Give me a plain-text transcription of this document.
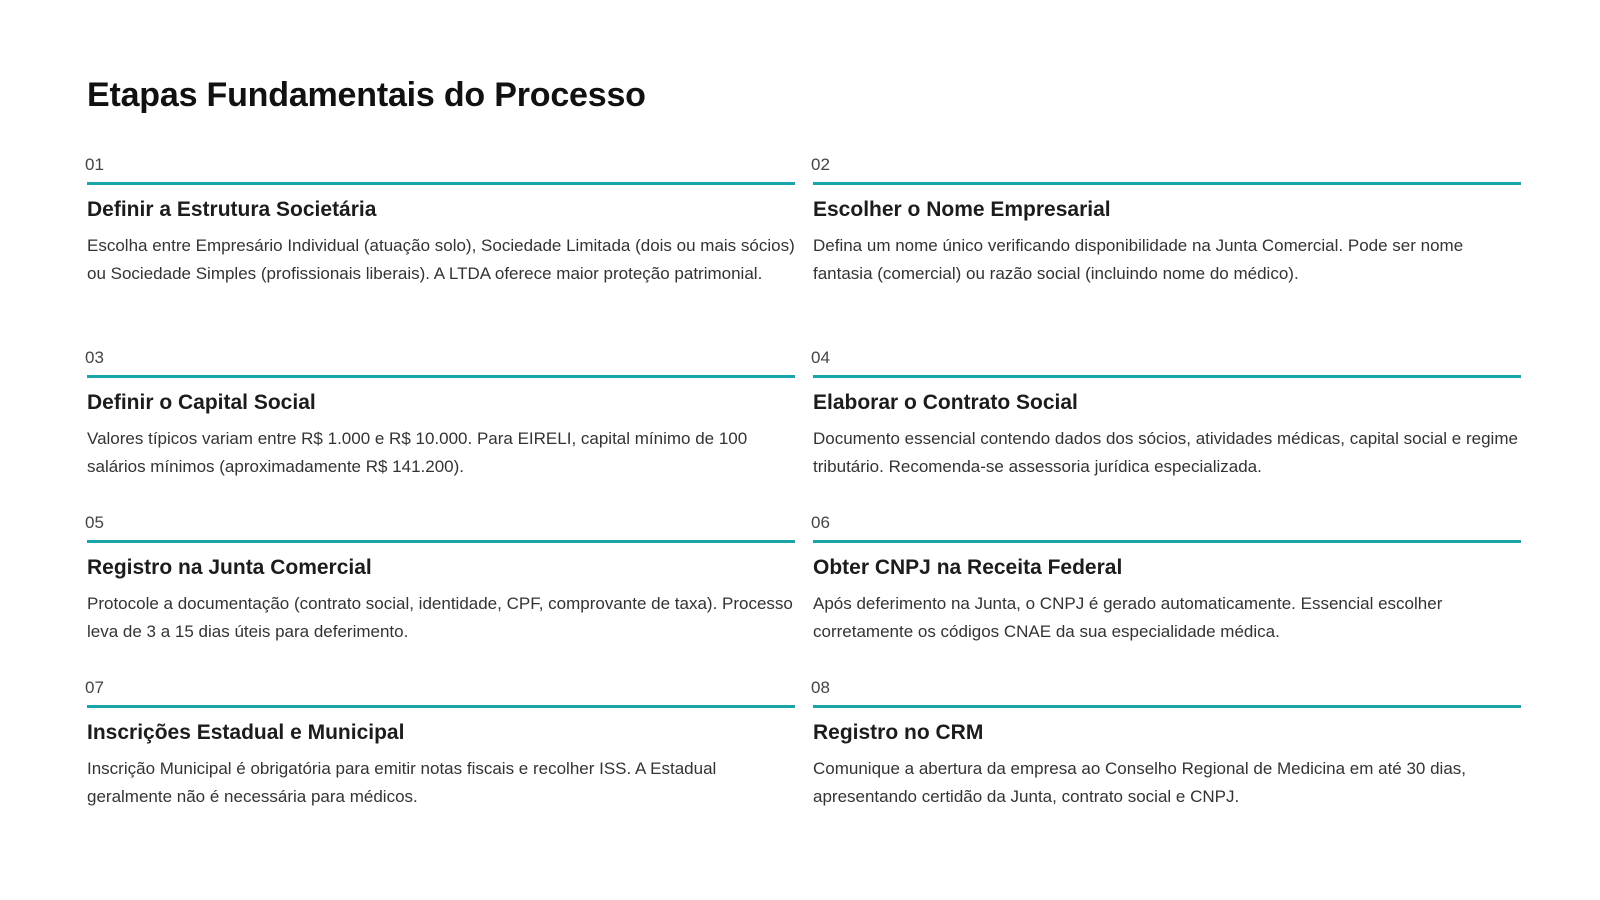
Etapas Fundamentais do Processo
01
Definir a Estrutura Societária

Escolha entre Empresário Individual (atuação solo), Sociedade Limitada (dois ou mais sócios) ou Sociedade Simples (profissionais liberais). A LTDA oferece maior proteção patrimonial.

02
Escolher o Nome Empresarial

Defina um nome único verificando disponibilidade na Junta Comercial. Pode ser nome fantasia (comercial) ou razão social (incluindo nome do médico).

03
Definir o Capital Social

Valores típicos variam entre R$ 1.000 e R$ 10.000. Para EIRELI, capital mínimo de 100 salários mínimos (aproximadamente R$ 141.200).

04
Elaborar o Contrato Social

Documento essencial contendo dados dos sócios, atividades médicas, capital social e regime tributário. Recomenda-se assessoria jurídica especializada.

05
Registro na Junta Comercial

Protocole a documentação (contrato social, identidade, CPF, comprovante de taxa). Processo leva de 3 a 15 dias úteis para deferimento.

06
Obter CNPJ na Receita Federal

Após deferimento na Junta, o CNPJ é gerado automaticamente. Essencial escolher corretamente os códigos CNAE da sua especialidade médica.

07
Inscrições Estadual e Municipal

Inscrição Municipal é obrigatória para emitir notas fiscais e recolher ISS. A Estadual geralmente não é necessária para médicos.

08
Registro no CRM

Comunique a abertura da empresa ao Conselho Regional de Medicina em até 30 dias, apresentando certidão da Junta, contrato social e CNPJ.
